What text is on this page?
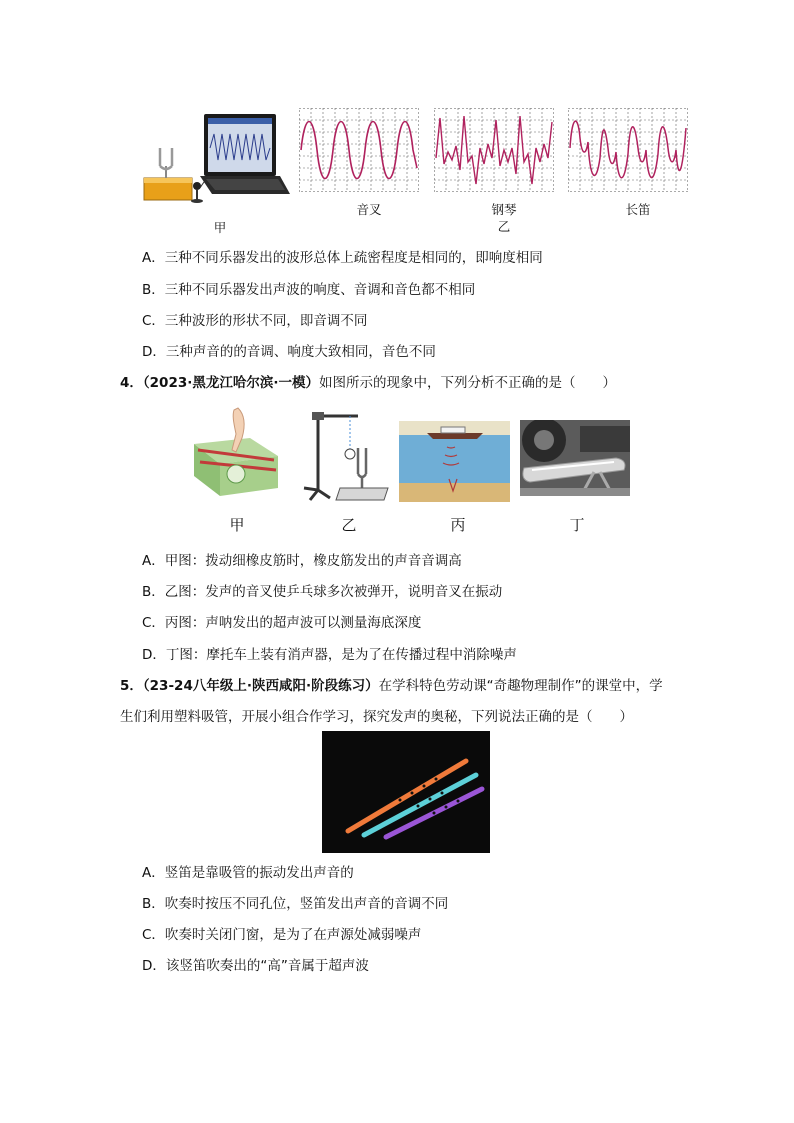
甲
音叉	钢琴	长笛
乙
A．三种不同乐器发出的波形总体上疏密程度是相同的，即响度相同
B．三种不同乐器发出声波的响度、音调和音色都不相同
C．三种波形的形状不同，即音调不同
D．三种声音的的音调、响度大致相同，音色不同
4．（2023·黑龙江哈尔滨·一模）如图所示的现象中，下列分析不正确的是（　　）
甲	乙	丙	丁
A．甲图：拨动细橡皮筋时，橡皮筋发出的声音音调高
B．乙图：发声的音叉使乒乓球多次被弹开，说明音叉在振动
C．丙图：声呐发出的超声波可以测量海底深度
D．丁图：摩托车上装有消声器，是为了在传播过程中消除噪声
5．（23-24八年级上·陕西咸阳·阶段练习）在学科特色劳动课“奇趣物理制作”的课堂中，学
生们利用塑料吸管，开展小组合作学习，探究发声的奥秘，下列说法正确的是（　　）
A．竖笛是靠吸管的振动发出声音的
B．吹奏时按压不同孔位，竖笛发出声音的音调不同
C．吹奏时关闭门窗，是为了在声源处减弱噪声
D．该竖笛吹奏出的“高”音属于超声波
